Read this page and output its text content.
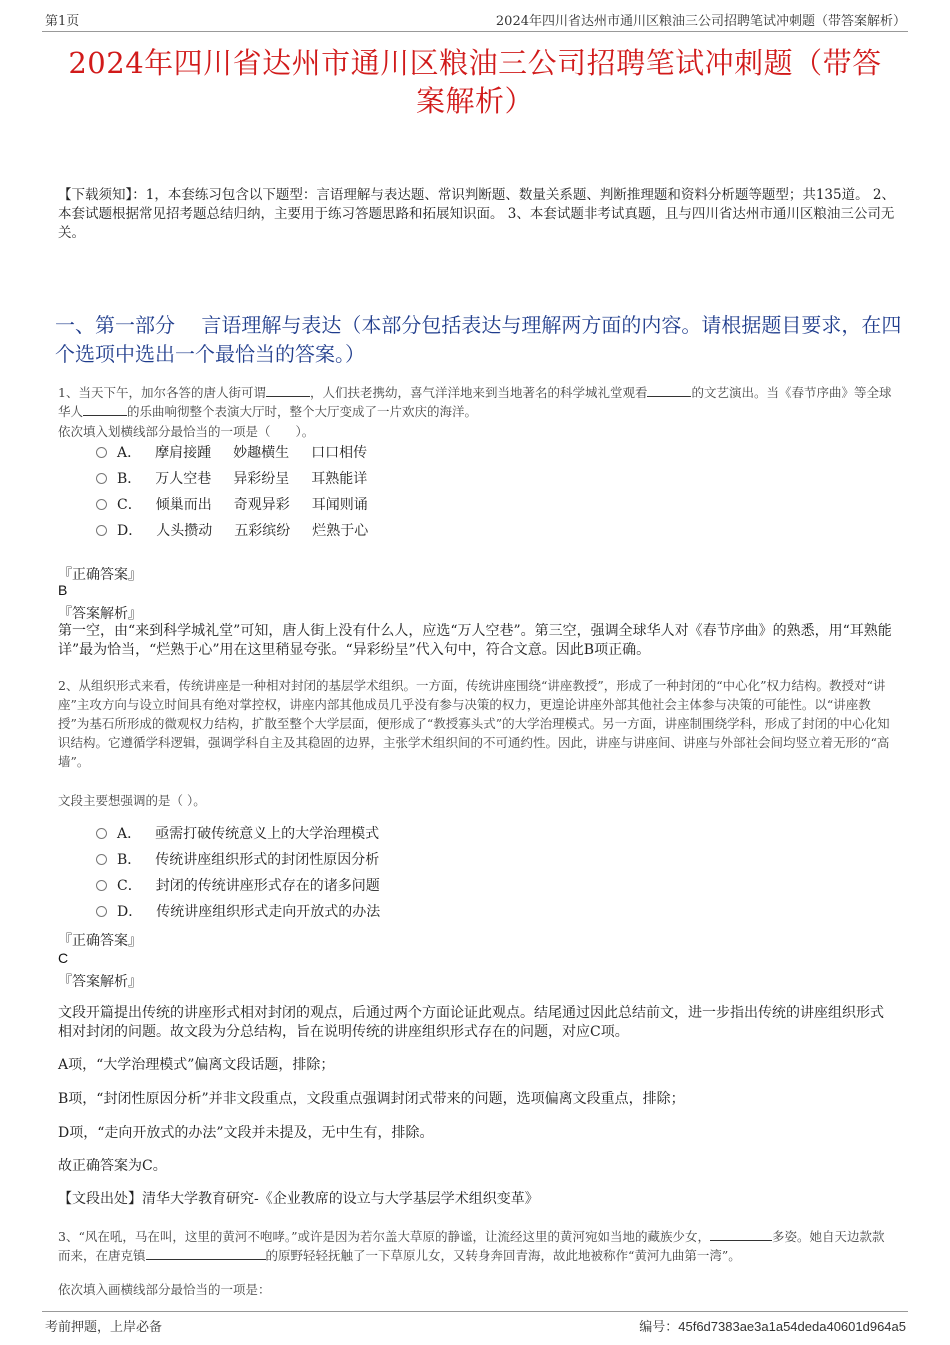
第1页	2024年四川省达州市通川区粮油三公司招聘笔试冲刺题（带答案解析）
2024年四川省达州市通川区粮油三公司招聘笔试冲刺题（带答
案解析）
【下载须知】：1，本套练习包含以下题型：言语理解与表达题、常识判断题、数量关系题、判断推理题和资料分析题等题型；共135道。 2、本套试题根据常见招考题总结归纳，主要用于练习答题思路和拓展知识面。 3、本套试题非考试真题，且与四川省达州市通川区粮油三公司无关。
一、第一部分　 言语理解与表达（本部分包括表达与理解两方面的内容。请根据题目要求，在四个选项中选出一个最恰当的答案。）
1、当天下午，加尔各答的唐人街可谓	，人们扶老携幼，喜气洋洋地来到当地著名的科学城礼堂观看	的文艺演出。当《春节序曲》等全球华人	的乐曲响彻整个表演大厅时，整个大厅变成了一片欢庆的海洋。
依次填入划横线部分最恰当的一项是（　　）。
A． 摩肩接踵 妙趣横生 口口相传
B． 万人空巷 异彩纷呈 耳熟能详
C． 倾巢而出 奇观异彩 耳闻则诵
D． 人头攒动 五彩缤纷 烂熟于心
『正确答案』
B
『答案解析』
第一空，由“来到科学城礼堂”可知，唐人街上没有什么人，应选“万人空巷”。第三空，强调全球华人对《春节序曲》的熟悉，用“耳熟能详”最为恰当，“烂熟于心”用在这里稍显夸张。“异彩纷呈”代入句中，符合文意。因此B项正确。
2、从组织形式来看，传统讲座是一种相对封闭的基层学术组织。一方面，传统讲座围绕“讲座教授”，形成了一种封闭的“中心化”权力结构。教授对“讲座”主攻方向与设立时间具有绝对掌控权，讲座内部其他成员几乎没有参与决策的权力，更遑论讲座外部其他社会主体参与决策的可能性。以“讲座教授”为基石所形成的微观权力结构，扩散至整个大学层面，便形成了“教授寡头式”的大学治理模式。另一方面，讲座制围绕学科，形成了封闭的中心化知识结构。它遵循学科逻辑，强调学科自主及其稳固的边界，主张学术组织间的不可通约性。因此，讲座与讲座间、讲座与外部社会间均竖立着无形的“高墙”。
文段主要想强调的是（ ）。
A． 亟需打破传统意义上的大学治理模式
B． 传统讲座组织形式的封闭性原因分析
C． 封闭的传统讲座形式存在的诸多问题
D． 传统讲座组织形式走向开放式的办法
『正确答案』
C
『答案解析』
文段开篇提出传统的讲座形式相对封闭的观点，后通过两个方面论证此观点。结尾通过因此总结前文，进一步指出传统的讲座组织形式相对封闭的问题。故文段为分总结构，旨在说明传统的讲座组织形式存在的问题，对应C项。
A项，“大学治理模式”偏离文段话题，排除；
B项，“封闭性原因分析”并非文段重点，文段重点强调封闭式带来的问题，选项偏离文段重点，排除；
D项，“走向开放式的办法”文段并未提及，无中生有，排除。
故正确答案为C。
【文段出处】清华大学教育研究-《企业教席的设立与大学基层学术组织变革》
3、“风在吼，马在叫，这里的黄河不咆哮。”或许是因为若尔盖大草原的静谧，让流经这里的黄河宛如当地的藏族少女，	多姿。她自天边款款而来，在唐克镇	的原野轻轻抚触了一下草原儿女，又转身奔回青海，故此地被称作“黄河九曲第一湾”。
依次填入画横线部分最恰当的一项是：
考前押题，上岸必备	编号：45f6d7383ae3a1a54deda40601d964a5
